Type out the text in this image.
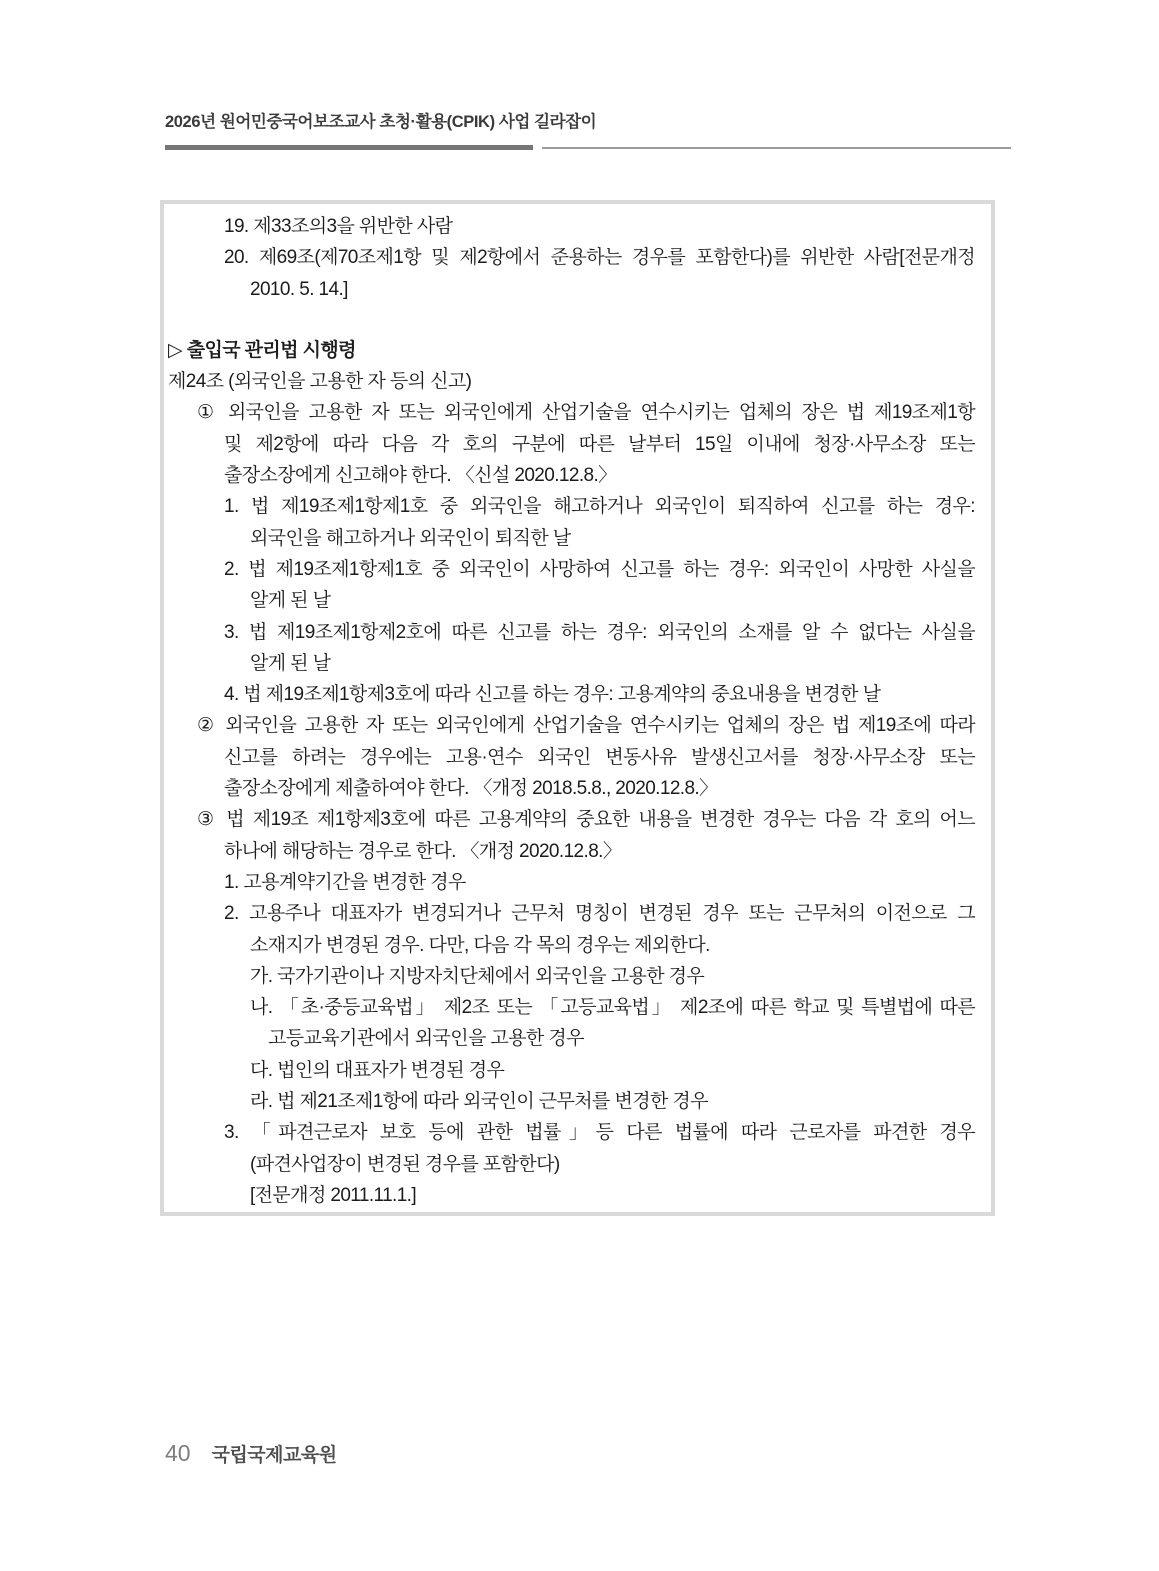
2026년 원어민중국어보조교사 초청·활용(CPIK) 사업 길라잡이
19. 제33조의3을 위반한 사람
20. 제69조(제70조제1항 및 제2항에서 준용하는 경우를 포함한다)를 위반한 사람[전문개정
2010. 5. 14.]
▷ 출입국 관리법 시행령
제24조 (외국인을 고용한 자 등의 신고)
① 외국인을 고용한 자 또는 외국인에게 산업기술을 연수시키는 업체의 장은 법 제19조제1항
및 제2항에 따라 다음 각 호의 구분에 따른 날부터 15일 이내에 청장·사무소장 또는
출장소장에게 신고해야 한다. 〈신설 2020.12.8.〉
1. 법 제19조제1항제1호 중 외국인을 해고하거나 외국인이 퇴직하여 신고를 하는 경우:
외국인을 해고하거나 외국인이 퇴직한 날
2. 법 제19조제1항제1호 중 외국인이 사망하여 신고를 하는 경우: 외국인이 사망한 사실을
알게 된 날
3. 법 제19조제1항제2호에 따른 신고를 하는 경우: 외국인의 소재를 알 수 없다는 사실을
알게 된 날
4. 법 제19조제1항제3호에 따라 신고를 하는 경우: 고용계약의 중요내용을 변경한 날
② 외국인을 고용한 자 또는 외국인에게 산업기술을 연수시키는 업체의 장은 법 제19조에 따라
신고를 하려는 경우에는 고용·연수 외국인 변동사유 발생신고서를 청장·사무소장 또는
출장소장에게 제출하여야 한다. 〈개정 2018.5.8., 2020.12.8.〉
③ 법 제19조 제1항제3호에 따른 고용계약의 중요한 내용을 변경한 경우는 다음 각 호의 어느
하나에 해당하는 경우로 한다. 〈개정 2020.12.8.〉
1. 고용계약기간을 변경한 경우
2. 고용주나 대표자가 변경되거나 근무처 명칭이 변경된 경우 또는 근무처의 이전으로 그
소재지가 변경된 경우. 다만, 다음 각 목의 경우는 제외한다.
가. 국가기관이나 지방자치단체에서 외국인을 고용한 경우
나. 「초·중등교육법」 제2조 또는 「고등교육법」 제2조에 따른 학교 및 특별법에 따른
고등교육기관에서 외국인을 고용한 경우
다. 법인의 대표자가 변경된 경우
라. 법 제21조제1항에 따라 외국인이 근무처를 변경한 경우
3. 「파견근로자 보호 등에 관한 법률」등 다른 법률에 따라 근로자를 파견한 경우
(파견사업장이 변경된 경우를 포함한다)
[전문개정 2011.11.1.]
40 국립국제교육원
